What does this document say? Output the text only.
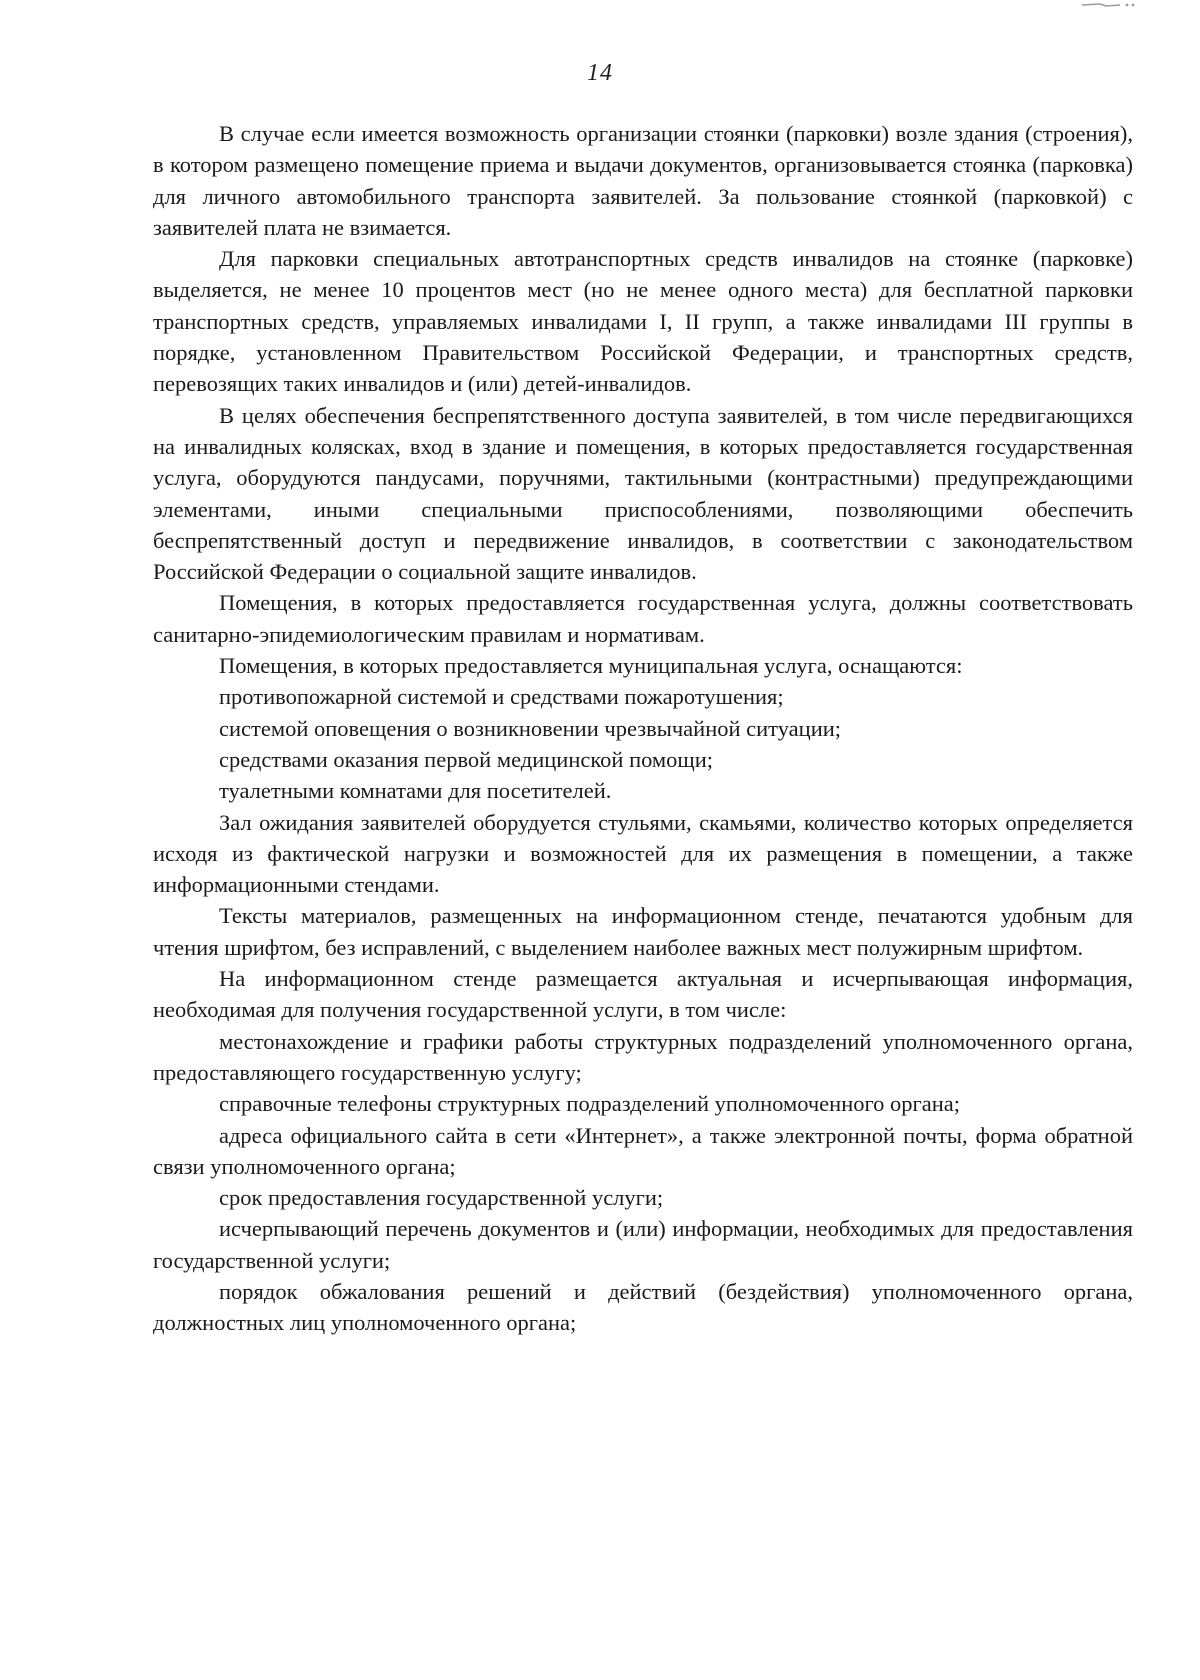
14

В случае если имеется возможность организации стоянки (парковки) возле здания (строения), в котором размещено помещение приема и выдачи документов, организовывается стоянка (парковка) для личного автомобильного транспорта заявителей. За пользование стоянкой (парковкой) с заявителей плата не взимается.

Для парковки специальных автотранспортных средств инвалидов на стоянке (парковке) выделяется, не менее 10 процентов мест (но не менее одного места) для бесплатной парковки транспортных средств, управляемых инвалидами I, II групп, а также инвалидами III группы в порядке, установленном Правительством Российской Федерации, и транспортных средств, перевозящих таких инвалидов и (или) детей-инвалидов.

В целях обеспечения беспрепятственного доступа заявителей, в том числе передвигающихся на инвалидных колясках, вход в здание и помещения, в которых предоставляется государственная услуга, оборудуются пандусами, поручнями, тактильными (контрастными) предупреждающими элементами, иными специальными приспособлениями, позволяющими обеспечить беспрепятственный доступ и передвижение инвалидов, в соответствии с законодательством Российской Федерации о социальной защите инвалидов.

Помещения, в которых предоставляется государственная услуга, должны соответствовать санитарно-эпидемиологическим правилам и нормативам.

Помещения, в которых предоставляется муниципальная услуга, оснащаются:

противопожарной системой и средствами пожаротушения;

системой оповещения о возникновении чрезвычайной ситуации;

средствами оказания первой медицинской помощи;

туалетными комнатами для посетителей.

Зал ожидания заявителей оборудуется стульями, скамьями, количество которых определяется исходя из фактической нагрузки и возможностей для их размещения в помещении, а также информационными стендами.

Тексты материалов, размещенных на информационном стенде, печатаются удобным для чтения шрифтом, без исправлений, с выделением наиболее важных мест полужирным шрифтом.

На информационном стенде размещается актуальная и исчерпывающая информация, необходимая для получения государственной услуги, в том числе:

местонахождение и графики работы структурных подразделений уполномоченного органа, предоставляющего государственную услугу;

справочные телефоны структурных подразделений уполномоченного органа;

адреса официального сайта в сети «Интернет», а также электронной почты, форма обратной связи уполномоченного органа;

срок предоставления государственной услуги;

исчерпывающий перечень документов и (или) информации, необходимых для предоставления государственной услуги;

порядок обжалования решений и действий (бездействия) уполномоченного органа, должностных лиц уполномоченного органа;
